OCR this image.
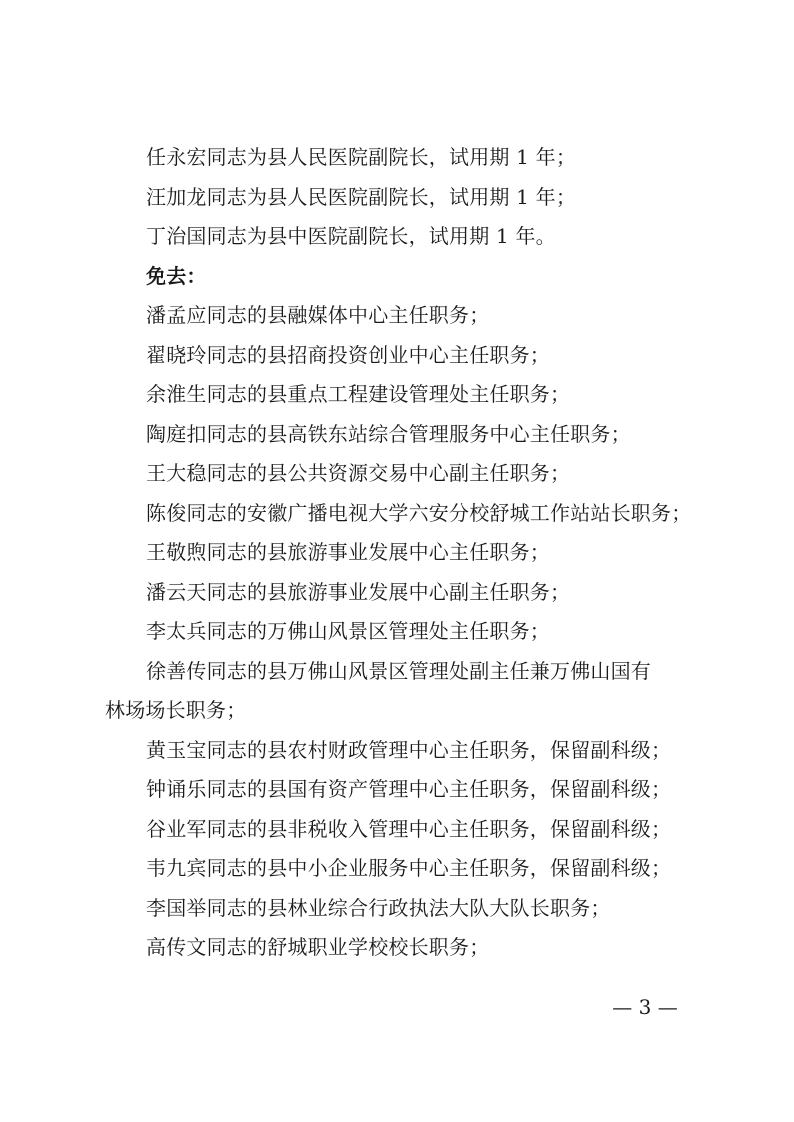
任永宏同志为县人民医院副院长，试用期 1 年；
汪加龙同志为县人民医院副院长，试用期 1 年；
丁治国同志为县中医院副院长，试用期 1 年。
免去：
潘孟应同志的县融媒体中心主任职务；
翟晓玲同志的县招商投资创业中心主任职务；
余淮生同志的县重点工程建设管理处主任职务；
陶庭扣同志的县高铁东站综合管理服务中心主任职务；
王大稳同志的县公共资源交易中心副主任职务；
陈俊同志的安徽广播电视大学六安分校舒城工作站站长职务；
王敬煦同志的县旅游事业发展中心主任职务；
潘云天同志的县旅游事业发展中心副主任职务；
李太兵同志的万佛山风景区管理处主任职务；
徐善传同志的县万佛山风景区管理处副主任兼万佛山国有
林场场长职务；
黄玉宝同志的县农村财政管理中心主任职务，保留副科级；
钟诵乐同志的县国有资产管理中心主任职务，保留副科级；
谷业军同志的县非税收入管理中心主任职务，保留副科级；
韦九宾同志的县中小企业服务中心主任职务，保留副科级；
李国举同志的县林业综合行政执法大队大队长职务；
高传文同志的舒城职业学校校长职务；
— 3 —
